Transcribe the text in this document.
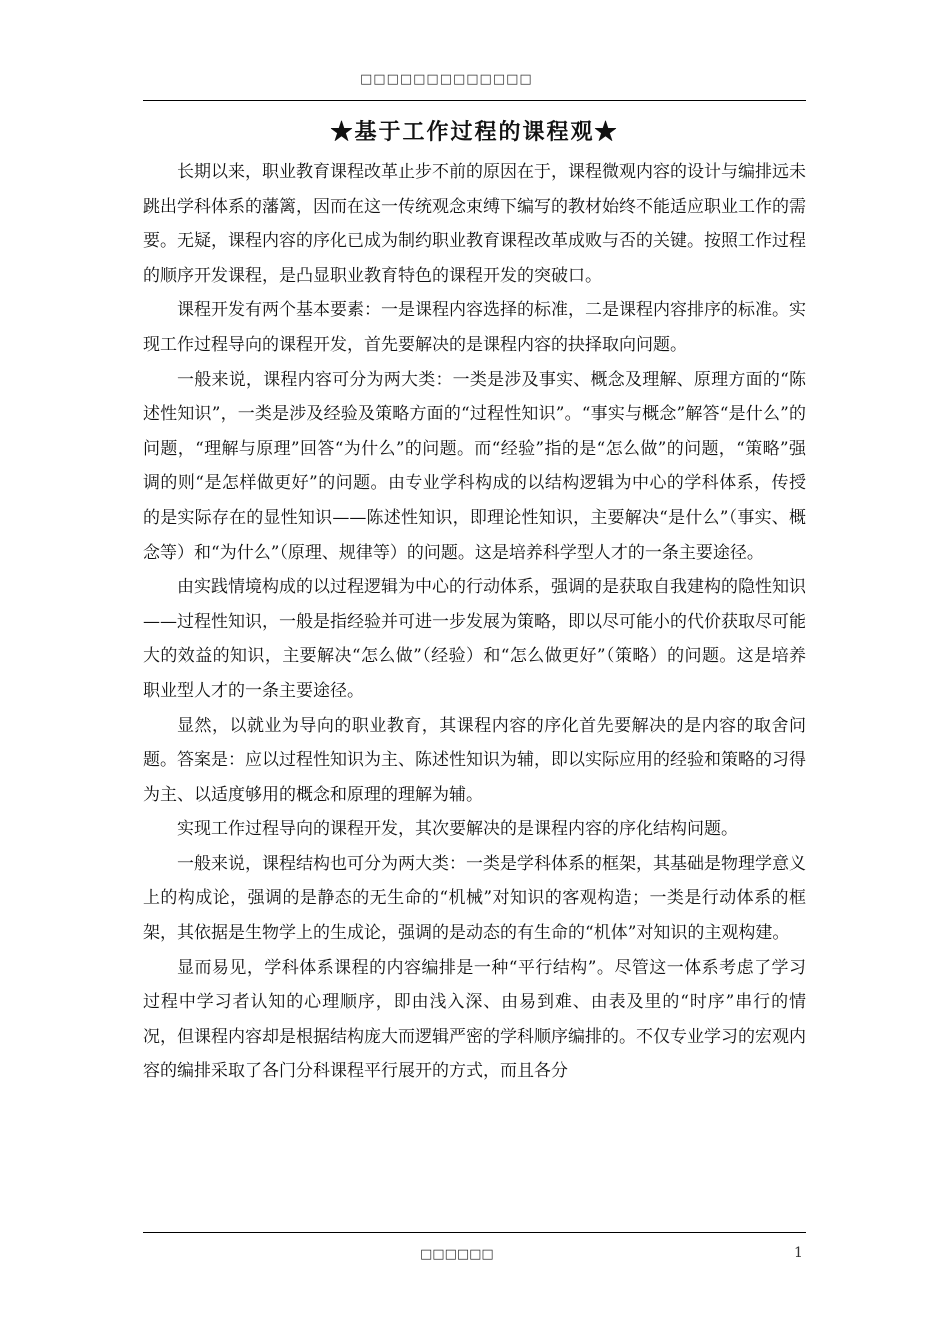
□□□□□□□□□□□□□
★基于工作过程的课程观★

长期以来，职业教育课程改革止步不前的原因在于，课程微观内容的设计与编排远未跳出学科体系的藩篱，因而在这一传统观念束缚下编写的教材始终不能适应职业工作的需要。无疑，课程内容的序化已成为制约职业教育课程改革成败与否的关键。按照工作过程的顺序开发课程，是凸显职业教育特色的课程开发的突破口。

课程开发有两个基本要素：一是课程内容选择的标准，二是课程内容排序的标准。实现工作过程导向的课程开发，首先要解决的是课程内容的抉择取向问题。

一般来说，课程内容可分为两大类：一类是涉及事实、概念及理解、原理方面的“陈述性知识”，一类是涉及经验及策略方面的“过程性知识”。“事实与概念”解答“是什么”的问题，“理解与原理”回答“为什么”的问题。而“经验”指的是“怎么做”的问题，“策略”强调的则“是怎样做更好”的问题。由专业学科构成的以结构逻辑为中心的学科体系，传授的是实际存在的显性知识——陈述性知识，即理论性知识，主要解决“是什么”（事实、概念等）和“为什么”（原理、规律等）的问题。这是培养科学型人才的一条主要途径。

由实践情境构成的以过程逻辑为中心的行动体系，强调的是获取自我建构的隐性知识——过程性知识，一般是指经验并可进一步发展为策略，即以尽可能小的代价获取尽可能大的效益的知识，主要解决“怎么做”（经验）和“怎么做更好”（策略）的问题。这是培养职业型人才的一条主要途径。

显然，以就业为导向的职业教育，其课程内容的序化首先要解决的是内容的取舍问题。答案是：应以过程性知识为主、陈述性知识为辅，即以实际应用的经验和策略的习得为主、以适度够用的概念和原理的理解为辅。

实现工作过程导向的课程开发，其次要解决的是课程内容的序化结构问题。

一般来说，课程结构也可分为两大类：一类是学科体系的框架，其基础是物理学意义上的构成论，强调的是静态的无生命的“机械”对知识的客观构造；一类是行动体系的框架，其依据是生物学上的生成论，强调的是动态的有生命的“机体”对知识的主观构建。

显而易见，学科体系课程的内容编排是一种“平行结构”。尽管这一体系考虑了学习过程中学习者认知的心理顺序，即由浅入深、由易到难、由表及里的“时序”串行的情况，但课程内容却是根据结构庞大而逻辑严密的学科顺序编排的。不仅专业学习的宏观内容的编排采取了各门分科课程平行展开的方式，而且各分

□□□□□□	1
